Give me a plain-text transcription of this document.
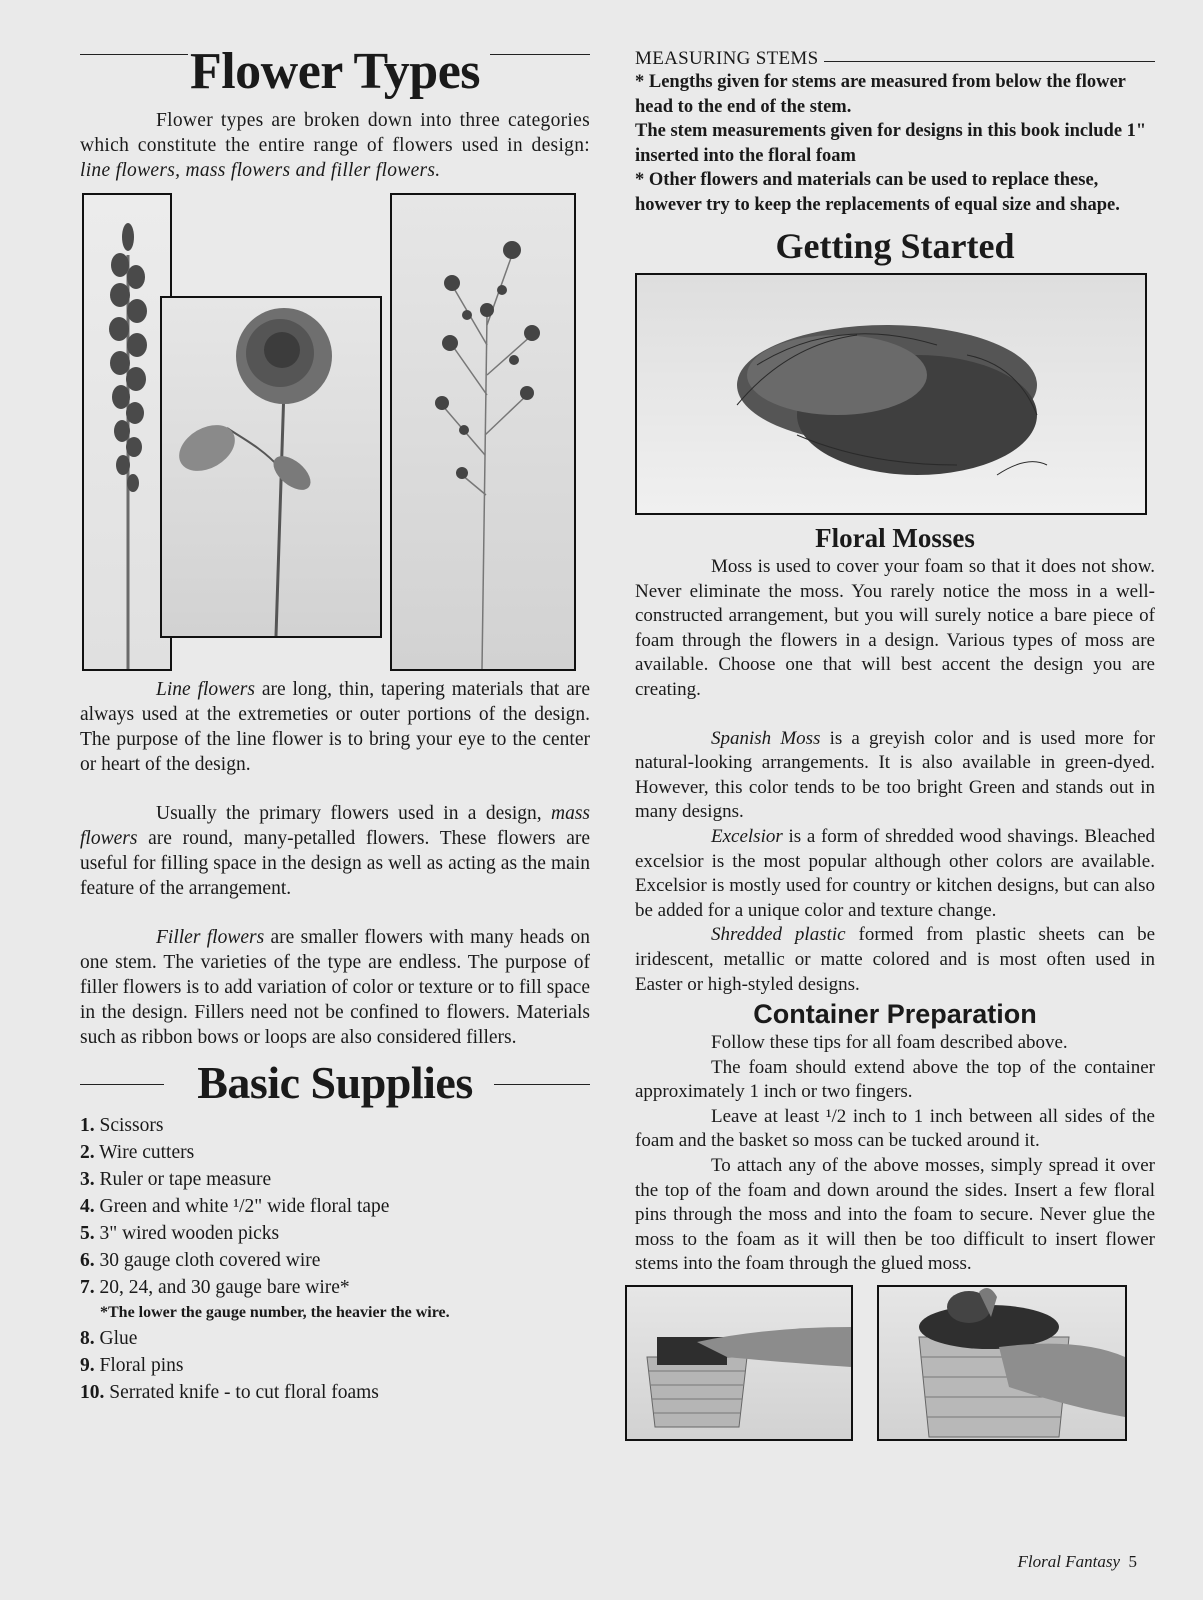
Flower Types

Flower types are broken down into three categories which constitute the entire range of flowers used in design: line flowers, mass flowers and filler flowers.

Line flowers are long, thin, tapering materials that are always used at the extremeties or outer portions of the design. The purpose of the line flower is to bring your eye to the center or heart of the design.

Usually the primary flowers used in a design, mass flowers are round, many-petalled flowers. These flowers are useful for filling space in the design as well as acting as the main feature of the arrangement.

Filler flowers are smaller flowers with many heads on one stem. The varieties of the type are endless. The purpose of filler flowers is to add variation of color or texture or to fill space in the design. Fillers need not be confined to flowers. Materials such as ribbon bows or loops are also considered fillers.

Basic Supplies
1. Scissors
2. Wire cutters
3. Ruler or tape measure
4. Green and white ¹/2" wide floral tape
5. 3" wired wooden picks
6. 30 gauge cloth covered wire
7. 20, 24, and 30 gauge bare wire*
*The lower the gauge number, the heavier the wire.
8. Glue
9. Floral pins
10. Serrated knife - to cut floral foams
MEASURING STEMS

* Lengths given for stems are measured from below the flower head to the end of the stem.

The stem measurements given for designs in this book include 1" inserted into the floral foam

* Other flowers and materials can be used to replace these, however try to keep the replacements of equal size and shape.

Getting Started
Floral Mosses

Moss is used to cover your foam so that it does not show. Never eliminate the moss. You rarely notice the moss in a well-constructed arrangement, but you will surely notice a bare piece of foam through the flowers in a design. Various types of moss are available. Choose one that will best accent the design you are creating.

Spanish Moss is a greyish color and is used more for natural-looking arrangements. It is also available in green-dyed. However, this color tends to be too bright Green and stands out in many designs.

Excelsior is a form of shredded wood shavings. Bleached excelsior is the most popular although other colors are available. Excelsior is mostly used for country or kitchen designs, but can also be added for a unique color and texture change.

Shredded plastic formed from plastic sheets can be iridescent, metallic or matte colored and is most often used in Easter or high-styled designs.

Container Preparation

Follow these tips for all foam described above.

The foam should extend above the top of the container approximately 1 inch or two fingers.

Leave at least ¹/2 inch to 1 inch between all sides of the foam and the basket so moss can be tucked around it.

To attach any of the above mosses, simply spread it over the top of the foam and down around the sides. Insert a few floral pins through the moss and into the foam to secure. Never glue the moss to the foam as it will then be too difficult to insert flower stems into the foam through the glued moss.

Floral Fantasy 5
